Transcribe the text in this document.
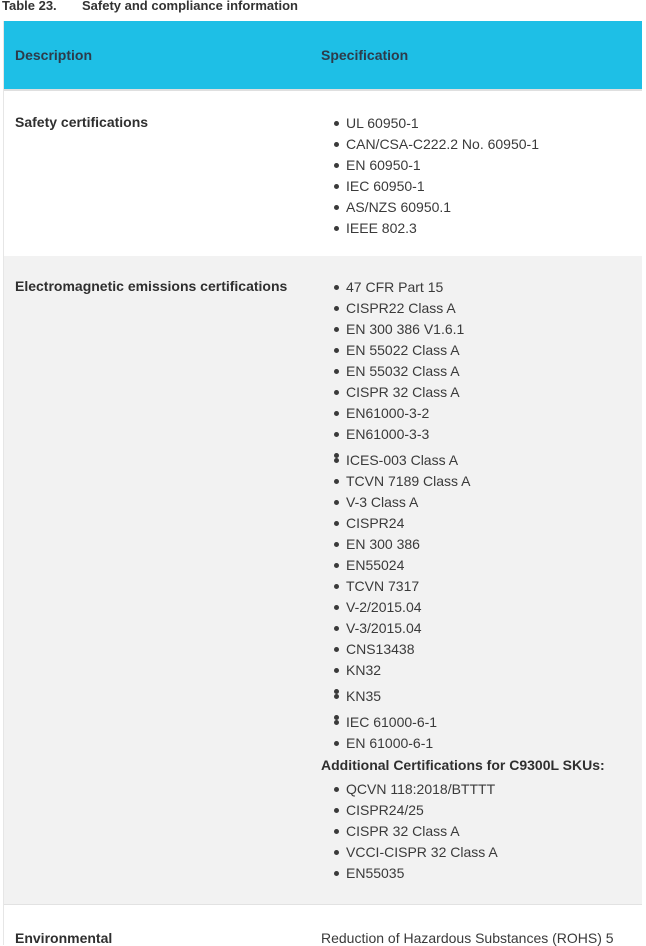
Table 23. Safety and compliance information
Description	Specification
Safety certifications	UL 60950-1
CAN/CSA-C222.2 No. 60950-1
EN 60950-1
IEC 60950-1
AS/NZS 60950.1
IEEE 802.3
Electromagnetic emissions certifications	47 CFR Part 15
CISPR22 Class A
EN 300 386 V1.6.1
EN 55022 Class A
EN 55032 Class A
CISPR 32 Class A
EN61000-3-2
EN61000-3-3
ICES-003 Class A
TCVN 7189 Class A
V-3 Class A
CISPR24
EN 300 386
EN55024
TCVN 7317
V-2/2015.04
V-3/2015.04
CNS13438
KN32
KN35
IEC 61000-6-1
EN 61000-6-1
Additional Certifications for C9300L SKUs:
QCVN 118:2018/BTTTT
CISPR24/25
CISPR 32 Class A
VCCI-CISPR 32 Class A
EN55035
Environmental	Reduction of Hazardous Substances (ROHS) 5
